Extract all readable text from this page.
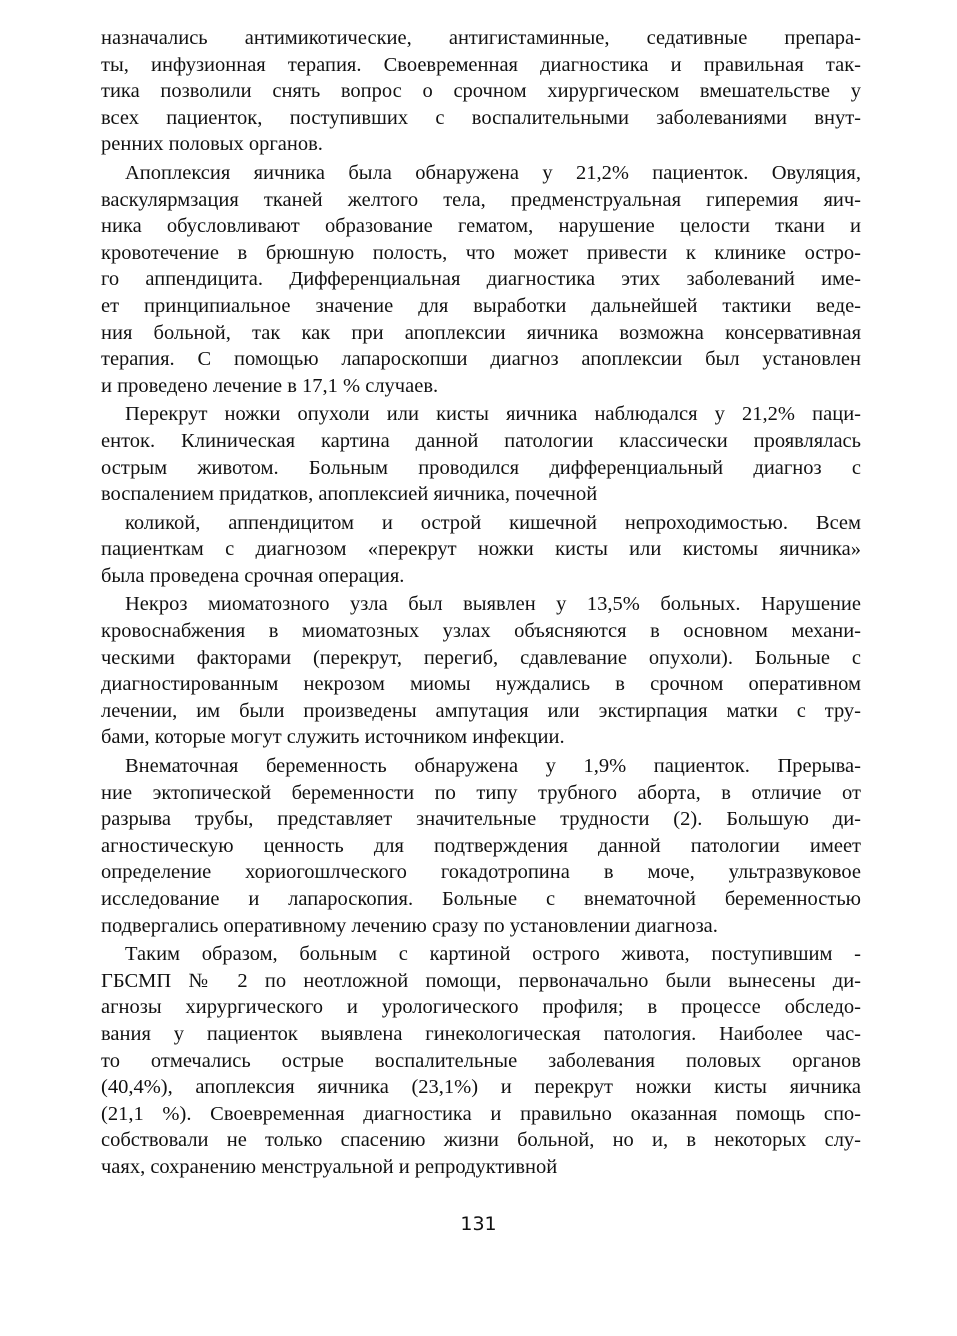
назначались антимикотические, антигистаминные, седативные препара-
ты, инфузионная терапия. Своевременная диагностика и правильная так-
тика позволили снять вопрос о срочном хирургическом вмешательстве у
всех пациенток, поступивших с воспалительными заболеваниями внут-
ренних половых органов.
Апоплексия яичника была обнаружена у 21,2% пациенток. Овуляция,
васкулярмзация тканей желтого тела, предменструальная гиперемия яич-
ника обусловливают образование гематом, нарушение целости ткани и
кровотечение в брюшную полость, что может привести к клинике остро-
го аппендицита. Дифференциальная диагностика этих заболеваний име-
ет принципиальное значение для выработки дальнейшей тактики веде-
ния больной, так как при апоплексии яичника возможна консервативная
терапия. С помощью лапароскопши диагноз апоплексии был установлен
и проведено лечение в 17,1 % случаев.
Перекрут ножки опухоли или кисты яичника наблюдался у 21,2% паци-
енток. Клиническая картина данной патологии классически проявлялась
острым животом. Больным проводился дифференциальный диагноз с
воспалением придатков, апоплексией яичника, почечной
коликой, аппендицитом и острой кишечной непроходимостью. Всем
пациенткам с диагнозом «перекрут ножки кисты или кистомы яичника»
была проведена срочная операция.
Некроз миоматозного узла был выявлен у 13,5% больных. Нарушение
кровоснабжения в миоматозных узлах объясняются в основном механи-
ческими факторами (перекрут, перегиб, сдавлевание опухоли). Больные с
диагностированным некрозом миомы нуждались в срочном оперативном
лечении, им были произведены ампутация или экстирпация матки с тру-
бами, которые могут служить источником инфекции.
Внематочная беременность обнаружена у 1,9% пациенток. Прерыва-
ние эктопической беременности по типу трубного аборта, в отличие от
разрыва трубы, представляет значительные трудности (2). Большую ди-
агностическую ценность для подтверждения данной патологии имеет
определение хориогошлческого гокадотропина в моче, ультразвуковое
исследование и лапароскопия. Больные с внематочной беременностью
подвергались оперативному лечению сразу по установлении диагноза.
Таким образом, больным с картиной острого живота, поступившим -
ГБСМП № 2 по неотложной помощи, первоначально были вынесены ди-
агнозы хирургического и урологического профиля; в процессе обследо-
вания у пациенток выявлена гинекологическая патология. Наиболее час-
то отмечались острые воспалительные заболевания половых органов
(40,4%), апоплексия яичника (23,1%) и перекрут ножки кисты яичника
(21,1 %). Своевременная диагностика и правильно оказанная помощь спо-
собствовали не только спасению жизни больной, но и, в некоторых слу-
чаях, сохранению менструальной и репродуктивной
131
